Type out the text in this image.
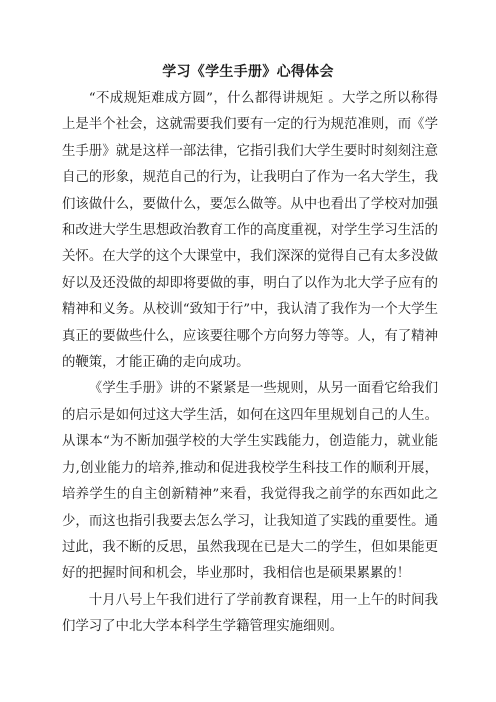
学习《学生手册》心得体会

“不成规矩难成方圆”，什么都得讲规矩 。大学之所以称得上是半个社会，这就需要我们要有一定的行为规范准则，而《学生手册》就是这样一部法律，它指引我们大学生要时时刻刻注意自己的形象，规范自己的行为，让我明白了作为一名大学生，我们该做什么，要做什么，要怎么做等。从中也看出了学校对加强和改进大学生思想政治教育工作的高度重视，对学生学习生活的关怀。在大学的这个大课堂中，我们深深的觉得自己有太多没做好以及还没做的却即将要做的事，明白了以作为北大学子应有的精神和义务。从校训“致知于行”中，我认清了我作为一个大学生真正的要做些什么，应该要往哪个方向努力等等。人，有了精神的鞭策，才能正确的走向成功。

《学生手册》讲的不紧紧是一些规则，从另一面看它给我们的启示是如何过这大学生活，如何在这四年里规划自己的人生。从课本“为不断加强学校的大学生实践能力，创造能力，就业能力,创业能力的培养,推动和促进我校学生科技工作的顺利开展，培养学生的自主创新精神”来看，我觉得我之前学的东西如此之少，而这也指引我要去怎么学习，让我知道了实践的重要性。通过此，我不断的反思，虽然我现在已是大二的学生，但如果能更好的把握时间和机会，毕业那时，我相信也是硕果累累的！

十月八号上午我们进行了学前教育课程，用一上午的时间我们学习了中北大学本科学生学籍管理实施细则。
